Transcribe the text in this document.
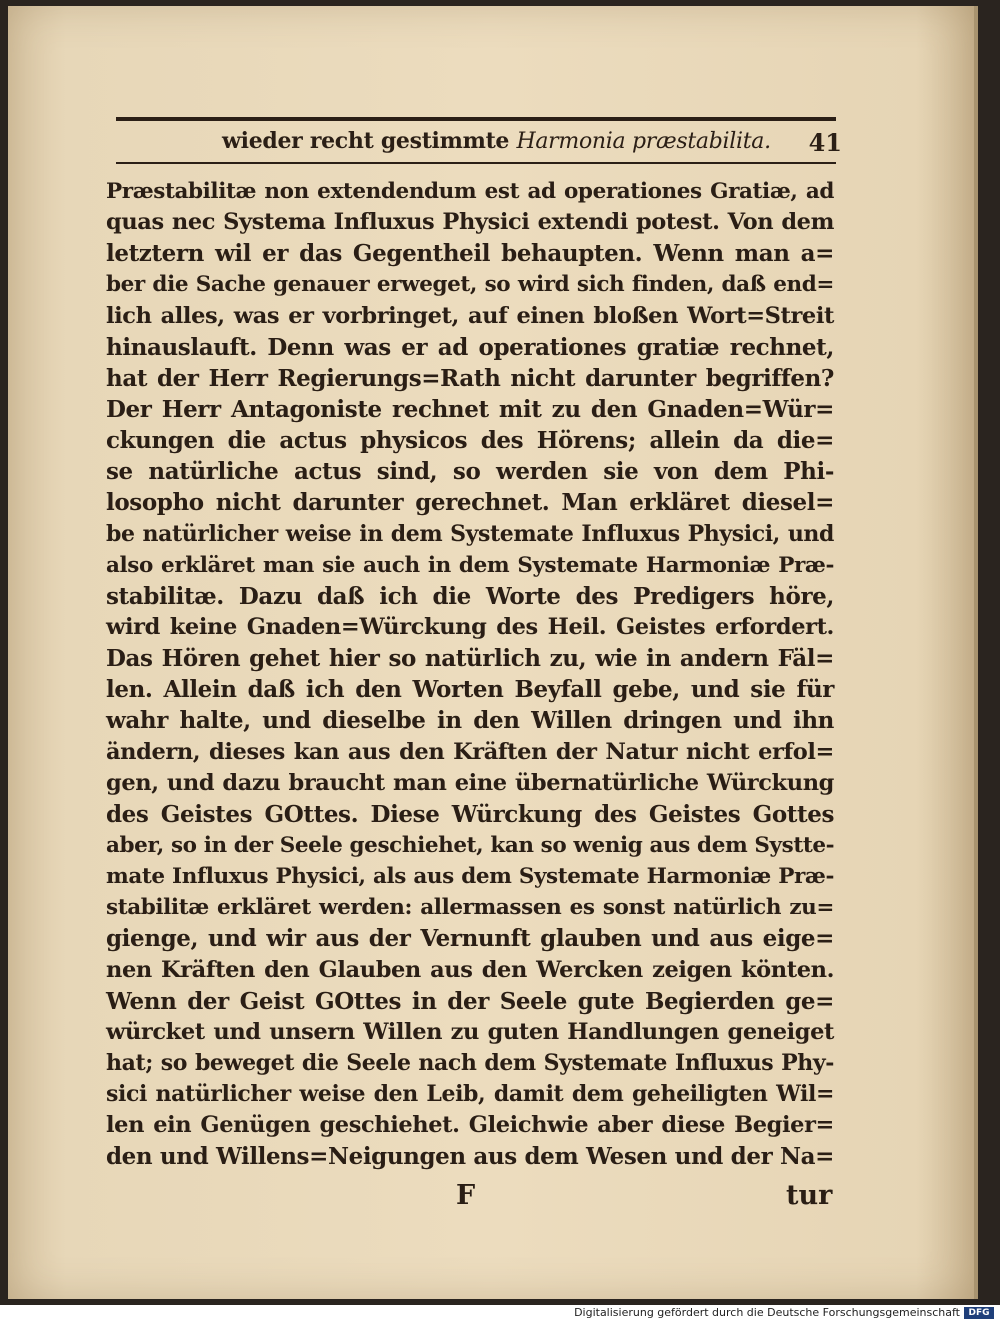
wieder recht gestimmte Harmonia præstabilita. 41
Præstabilitæ non extendendum est ad operationes Gratiæ, ad
quas nec Systema Influxus Physici extendi potest. Von dem
letztern wil er das Gegentheil behaupten. Wenn man a=
ber die Sache genauer erweget, so wird sich finden, daß end=
lich alles, was er vorbringet, auf einen bloßen Wort=Streit
hinauslauft. Denn was er ad operationes gratiæ rechnet,
hat der Herr Regierungs=Rath nicht darunter begriffen?
Der Herr Antagoniste rechnet mit zu den Gnaden=Wür=
ckungen die actus physicos des Hörens; allein da die=
se natürliche actus sind, so werden sie von dem Phi-
losopho nicht darunter gerechnet. Man erkläret diesel=
be natürlicher weise in dem Systemate Influxus Physici, und
also erkläret man sie auch in dem Systemate Harmoniæ Præ-
stabilitæ. Dazu daß ich die Worte des Predigers höre,
wird keine Gnaden=Würckung des Heil. Geistes erfordert.
Das Hören gehet hier so natürlich zu, wie in andern Fäl=
len. Allein daß ich den Worten Beyfall gebe, und sie für
wahr halte, und dieselbe in den Willen dringen und ihn
ändern, dieses kan aus den Kräften der Natur nicht erfol=
gen, und dazu braucht man eine übernatürliche Würckung
des Geistes GOttes. Diese Würckung des Geistes Gottes
aber, so in der Seele geschiehet, kan so wenig aus dem Systte-
mate Influxus Physici, als aus dem Systemate Harmoniæ Præ-
stabilitæ erkläret werden: allermassen es sonst natürlich zu=
gienge, und wir aus der Vernunft glauben und aus eige=
nen Kräften den Glauben aus den Wercken zeigen könten.
Wenn der Geist GOttes in der Seele gute Begierden ge=
würcket und unsern Willen zu guten Handlungen geneiget
hat; so beweget die Seele nach dem Systemate Influxus Phy-
sici natürlicher weise den Leib, damit dem geheiligten Wil=
len ein Genügen geschiehet. Gleichwie aber diese Begier=
den und Willens=Neigungen aus dem Wesen und der Na=
F	tur
Digitalisierung gefördert durch die Deutsche Forschungsgemeinschaft DFG
